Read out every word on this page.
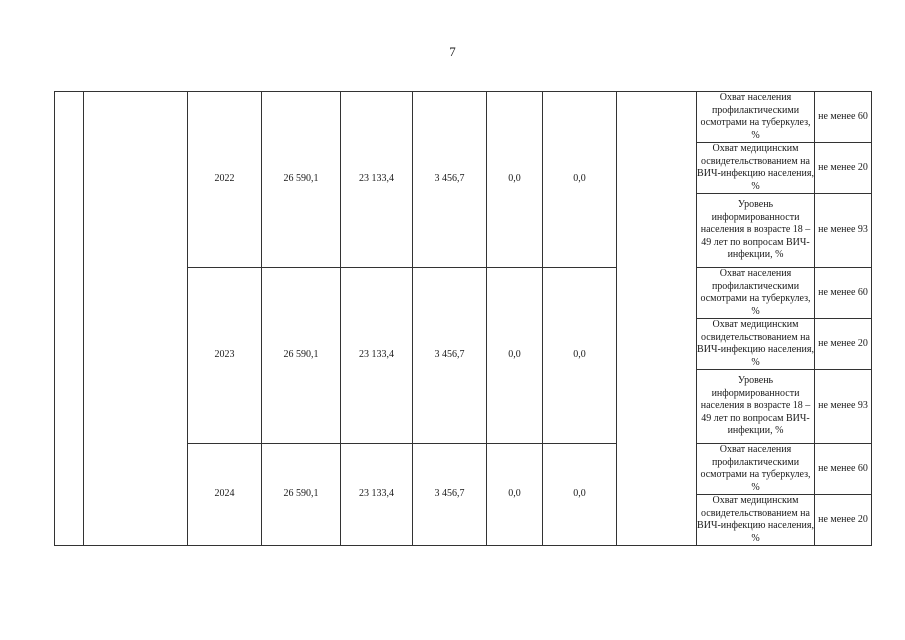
7
		2022	26 590,1	23 133,4	3 456,7	0,0	0,0		Охват населения профилактическими осмотрами на туберкулез, %	не менее 60
									Охват медицинским освидетельствованием на ВИЧ-инфекцию населения, %	не менее 20
									Уровень информированности населения в возрасте 18 – 49 лет по вопросам ВИЧ-инфекции, %	не менее 93
		2023	26 590,1	23 133,4	3 456,7	0,0	0,0		Охват населения профилактическими осмотрами на туберкулез, %	не менее 60
									Охват медицинским освидетельствованием на ВИЧ-инфекцию населения, %	не менее 20
									Уровень информированности населения в возрасте 18 – 49 лет по вопросам ВИЧ-инфекции, %	не менее 93
		2024	26 590,1	23 133,4	3 456,7	0,0	0,0		Охват населения профилактическими осмотрами на туберкулез, %	не менее 60
									Охват медицинским освидетельствованием на ВИЧ-инфекцию населения, %	не менее 20
